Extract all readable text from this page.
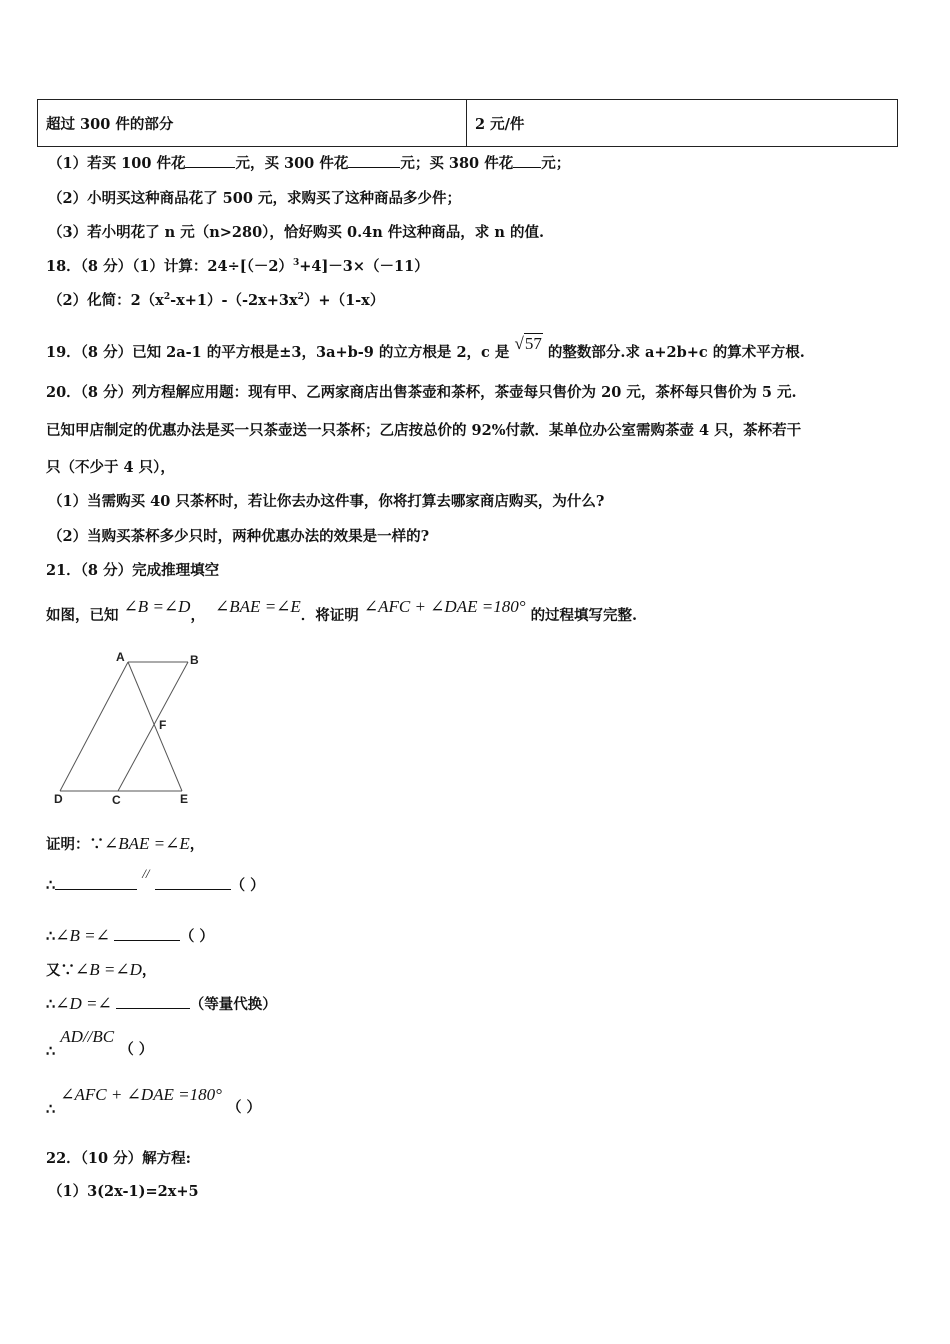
超过 300 件的部分	2 元/件
（1）若买 100 件花	元，买 300 件花	元；买 380 件花 元；
（2）小明买这种商品花了 500 元，求购买了这种商品多少件；
（3）若小明花了 n 元（n>280），恰好购买 0.4n 件这种商品，求 n 的值.
18．（8 分）（1）计算：$24\div[(-2)^3+4]-3\times(-11)$
（2）化简：$2(x^2-x+1)-(-2x+3x^2)+(1-x)$
19．（8 分）已知 2a-1 的平方根是±3，3a+b-9 的立方根是 2，c 是 √57 的整数部分.求 a+2b+c 的算术平方根.
20．（8 分）列方程解应用题：现有甲、乙两家商店出售茶壶和茶杯，茶壶每只售价为 20 元，茶杯每只售价为 5 元.
已知甲店制定的优惠办法是买一只茶壶送一只茶杯；乙店按总价的 92%付款．某单位办公室需购茶壶 4 只，茶杯若干
只（不少于 4 只），
（1）当需购买 40 只茶杯时，若让你去办这件事，你将打算去哪家商店购买，为什么?
（2）当购买茶杯多少只时，两种优惠办法的效果是一样的?
21．（8 分）完成推理填空
如图，已知 ∠B =∠D， ∠BAE =∠E．将证明 ∠AFC + ∠DAE =180° 的过程填写完整.
A	B
F
D	C	E
证明：∵∠BAE =∠E，
∴ // （ ）
∴∠B =∠	（ ）
又∵∠B =∠D，
∴∠D =∠	（等量代换）
∴ AD//BC （ ）
∴ ∠AFC + ∠DAE =180° （ ）
22．（10 分）解方程:
（1）3(2x-1)=2x+5
